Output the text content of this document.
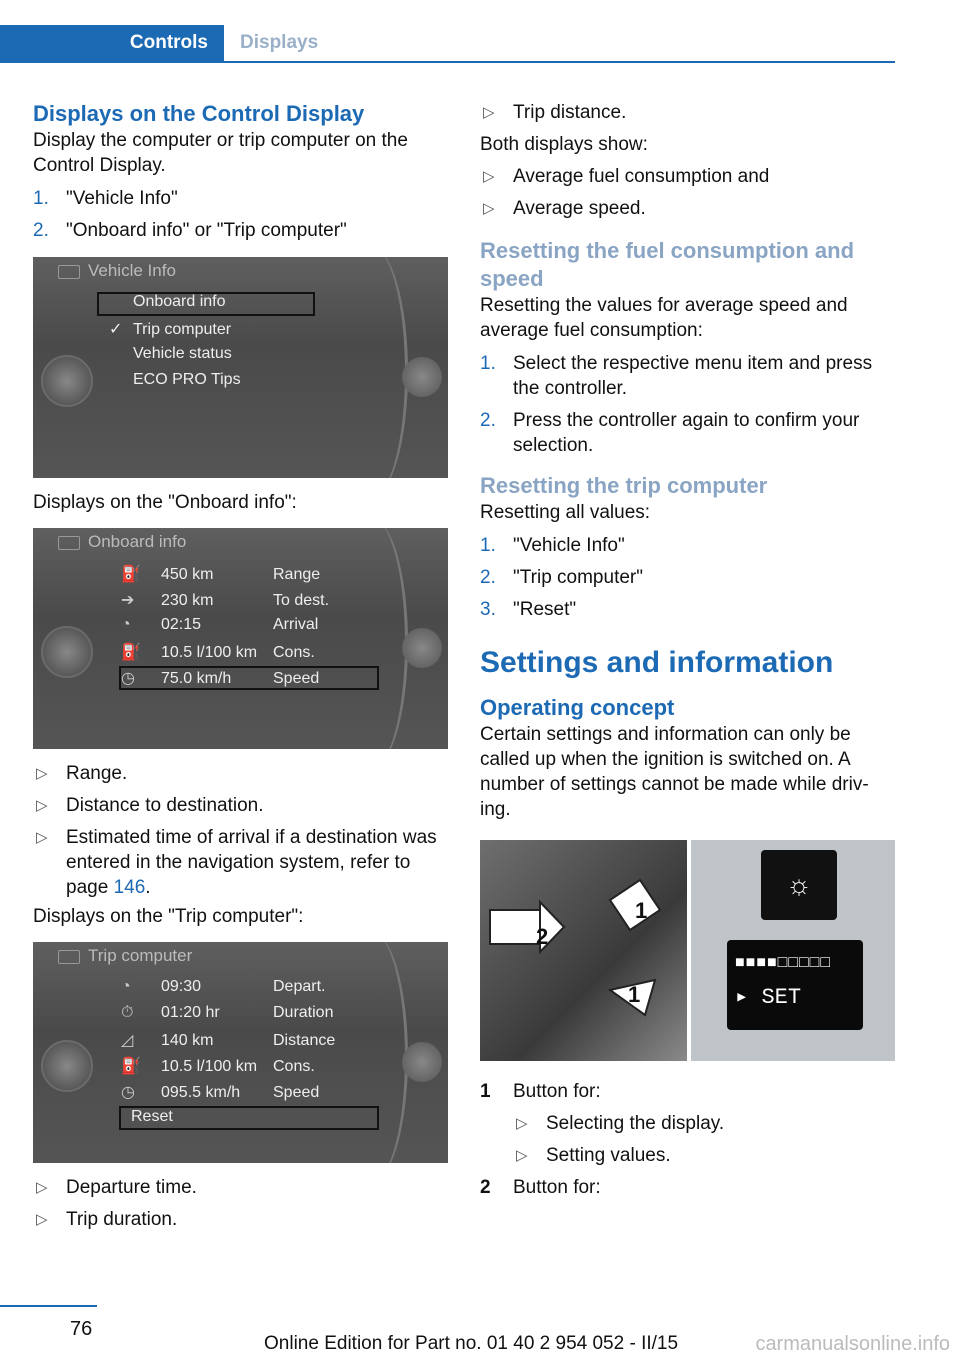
Controls	Displays
Displays on the Control Display

Display the computer or trip computer on the Control Display.

1. "Vehicle Info"
2. "Onboard info" or "Trip computer"
Vehicle Info
Onboard info
✓ Trip computer
Vehicle status
ECO PRO Tips

Displays on the "Onboard info":

Onboard info
⛽ 450 km	Range
➔ 230 km	To dest.
◔ 02:15	Arrival
⛽ 10.5 l/100 km Cons.
◷ 75.0 km/h	Speed
▷ Range.
▷ Distance to destination.
▷ Estimated time of arrival if a destination was entered in the navigation system, refer to page 146.

Displays on the "Trip computer":

Trip computer
◔ 09:30	Depart.
⏱ 01:20 hr	Duration
◿ 140 km	Distance
⛽ 10.5 l/100 km Cons.
◷ 095.5 km/h Speed
Reset
▷ Departure time.
▷ Trip duration.
▷ Trip distance.

Both displays show:

▷ Average fuel consumption and
▷ Average speed.
Resetting the fuel consumption and speed

Resetting the values for average speed and average fuel consumption:

1. Select the respective menu item and press the controller.
2. Press the controller again to confirm your selection.
Resetting the trip computer

Resetting all values:

1. "Vehicle Info"
2. "Trip computer"
3. "Reset"
Settings and information
Operating concept

Certain settings and information can only be called up when the ignition is switched on. A number of settings cannot be made while driv‐ing.

2
1
1
☼
■■■■□□□□□
▸ SET
1 Button for:
▷ Selecting the display.
▷ Setting values.
2 Button for:
76
Online Edition for Part no. 01 40 2 954 052 - II/15	carmanualsonline.info
